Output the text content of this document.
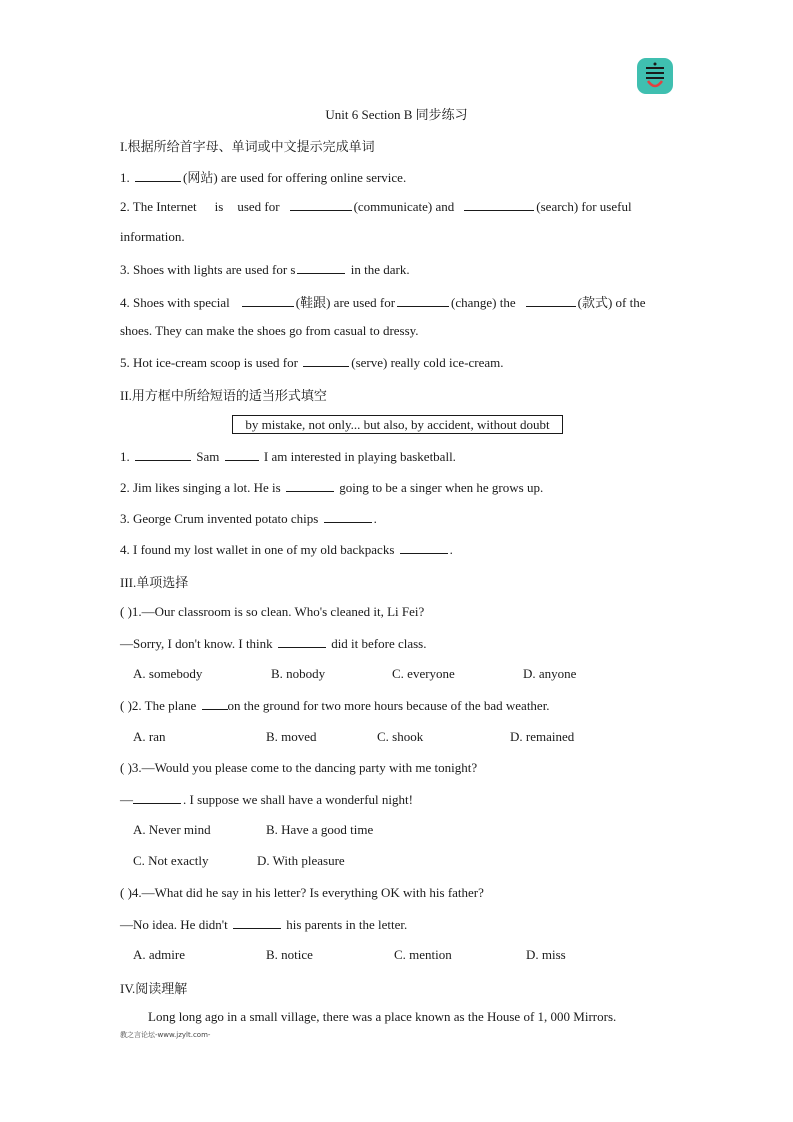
Unit 6 Section B 同步练习
I.根据所给首字母、单词或中文提示完成单词
1.	(网站) are used for offering online service.
2. The Internet is used for	(communicate) and	(search) for useful
information.
3. Shoes with lights are used for s	in the dark.
4. Shoes with special	(鞋跟) are used for	(change) the	(款式) of the
shoes. They can make the shoes go from casual to dressy.
5. Hot ice-cream scoop is used for	(serve) really cold ice-cream.
II.用方框中所给短语的适当形式填空
by mistake, not only... but also, by accident, without doubt
1.	Sam	I am interested in playing basketball.
2. Jim likes singing a lot. He is	going to be a singer when he grows up.
3. George Crum invented potato chips	.
4. I found my lost wallet in one of my old backpacks	.
III.单项选择
( )1.—Our classroom is so clean. Who's cleaned it, Li Fei?
—Sorry, I don't know. I think	did it before class.
A. somebody	B. nobody	C. everyone	D. anyone
( )2. The plane on the ground for two more hours because of the bad weather.
A. ran	B. moved	C. shook	D. remained
( )3.—Would you please come to the dancing party with me tonight?
—	. I suppose we shall have a wonderful night!
A. Never mind	B. Have a good time
C. Not exactly	D. With pleasure
( )4.—What did he say in his letter? Is everything OK with his father?
—No idea. He didn't	his parents in the letter.
A. admire	B. notice	C. mention	D. miss
IV.阅读理解
Long long ago in a small village, there was a place known as the House of 1, 000 Mirrors.
教之言论坛-www.jzylt.com-
